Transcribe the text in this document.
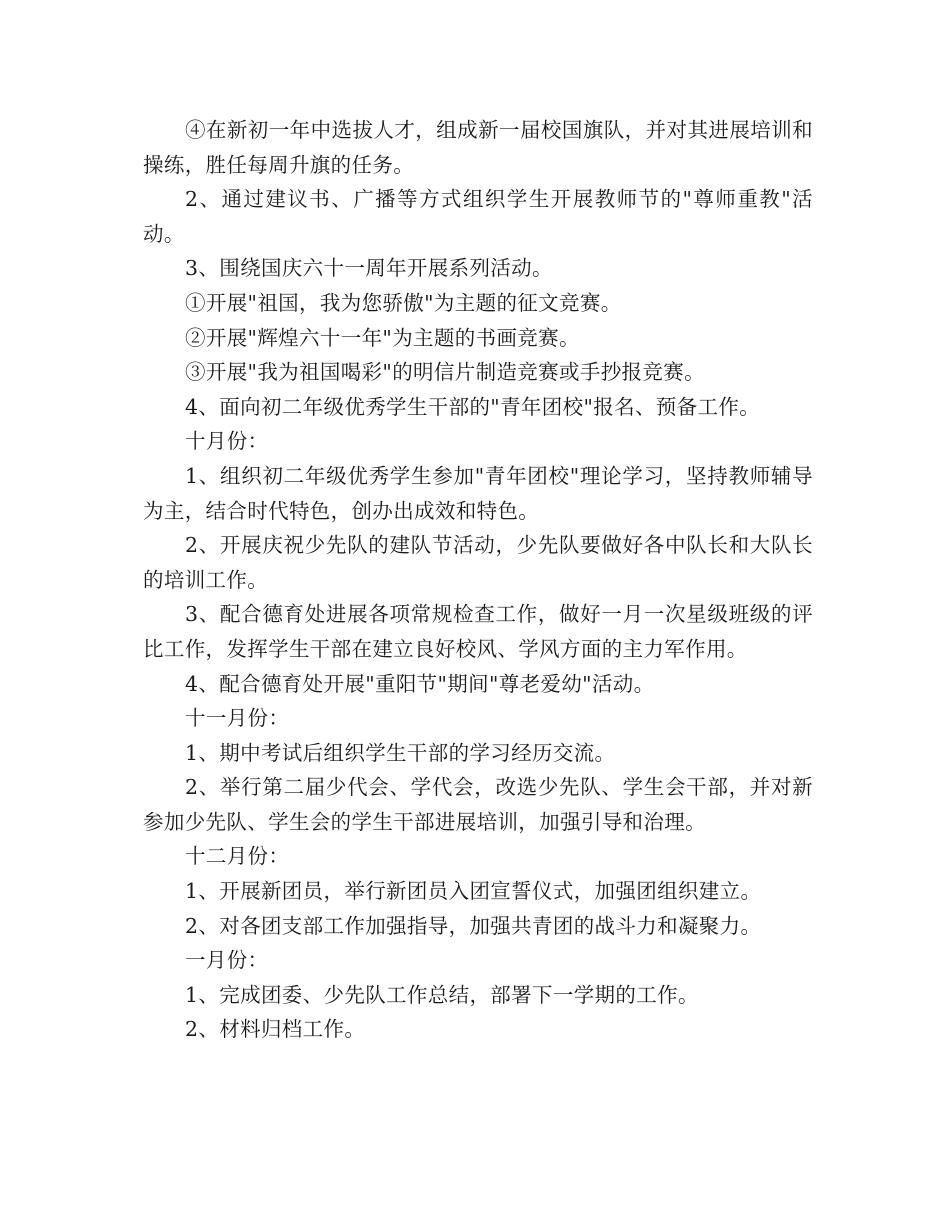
④在新初一年中选拔人才，组成新一届校国旗队，并对其进展培训和操练，胜任每周升旗的任务。

2、通过建议书、广播等方式组织学生开展教师节的"尊师重教"活动。

3、围绕国庆六十一周年开展系列活动。

①开展"祖国，我为您骄傲"为主题的征文竞赛。

②开展"辉煌六十一年"为主题的书画竞赛。

③开展"我为祖国喝彩"的明信片制造竞赛或手抄报竞赛。

4、面向初二年级优秀学生干部的"青年团校"报名、预备工作。

十月份：

1、组织初二年级优秀学生参加"青年团校"理论学习，坚持教师辅导为主，结合时代特色，创办出成效和特色。

2、开展庆祝少先队的建队节活动，少先队要做好各中队长和大队长的培训工作。

3、配合德育处进展各项常规检查工作，做好一月一次星级班级的评比工作，发挥学生干部在建立良好校风、学风方面的主力军作用。

4、配合德育处开展"重阳节"期间"尊老爱幼"活动。

十一月份：

1、期中考试后组织学生干部的学习经历交流。

2、举行第二届少代会、学代会，改选少先队、学生会干部，并对新参加少先队、学生会的学生干部进展培训，加强引导和治理。

十二月份：

1、开展新团员，举行新团员入团宣誓仪式，加强团组织建立。

2、对各团支部工作加强指导，加强共青团的战斗力和凝聚力。

一月份：

1、完成团委、少先队工作总结，部署下一学期的工作。

2、材料归档工作。
